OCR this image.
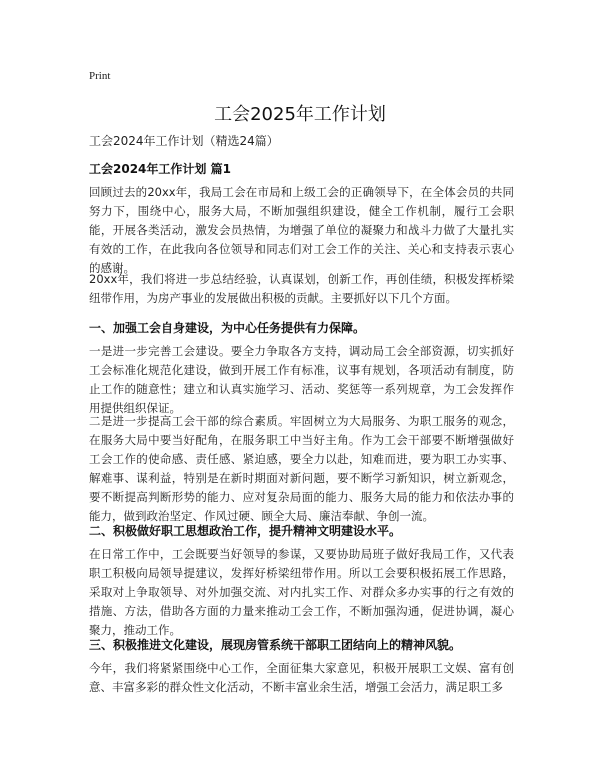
Print
工会2025年工作计划
工会2024年工作计划（精选24篇）
工会2024年工作计划 篇1

回顾过去的20xx年，我局工会在市局和上级工会的正确领导下，在全体会员的共同努力下，围绕中心，服务大局，不断加强组织建设，健全工作机制，履行工会职能，开展各类活动，激发会员热情，为增强了单位的凝聚力和战斗力做了大量扎实有效的工作，在此我向各位领导和同志们对工会工作的关注、关心和支持表示衷心的感谢。

20xx年，我们将进一步总结经验，认真谋划，创新工作，再创佳绩，积极发挥桥梁纽带作用，为房产事业的发展做出积极的贡献。主要抓好以下几个方面。

一、加强工会自身建设，为中心任务提供有力保障。

一是进一步完善工会建设。要全力争取各方支持，调动局工会全部资源，切实抓好工会标准化规范化建设，做到开展工作有标准，议事有规划，各项活动有制度，防止工作的随意性；建立和认真实施学习、活动、奖惩等一系列规章，为工会发挥作用提供组织保证。

二是进一步提高工会干部的综合素质。牢固树立为大局服务、为职工服务的观念，在服务大局中要当好配角，在服务职工中当好主角。作为工会干部要不断增强做好工会工作的使命感、责任感、紧迫感，要全力以赴，知难而进，要为职工办实事、解难事、谋利益，特别是在新时期面对新问题，要不断学习新知识，树立新观念，要不断提高判断形势的能力、应对复杂局面的能力、服务大局的能力和依法办事的能力，做到政治坚定、作风过硬、顾全大局、廉洁奉献、争创一流。

二、积极做好职工思想政治工作，提升精神文明建设水平。

在日常工作中，工会既要当好领导的参谋，又要协助局班子做好我局工作，又代表职工积极向局领导提建议，发挥好桥梁纽带作用。所以工会要积极拓展工作思路，采取对上争取领导、对外加强交流、对内扎实工作、对群众多办实事的行之有效的措施、方法，借助各方面的力量来推动工会工作，不断加强沟通，促进协调，凝心聚力，推动工作。

三、积极推进文化建设，展现房管系统干部职工团结向上的精神风貌。

今年，我们将紧紧围绕中心工作，全面征集大家意见，积极开展职工文娱、富有创意、丰富多彩的群众性文化活动，不断丰富业余生活，增强工会活力，满足职工多
